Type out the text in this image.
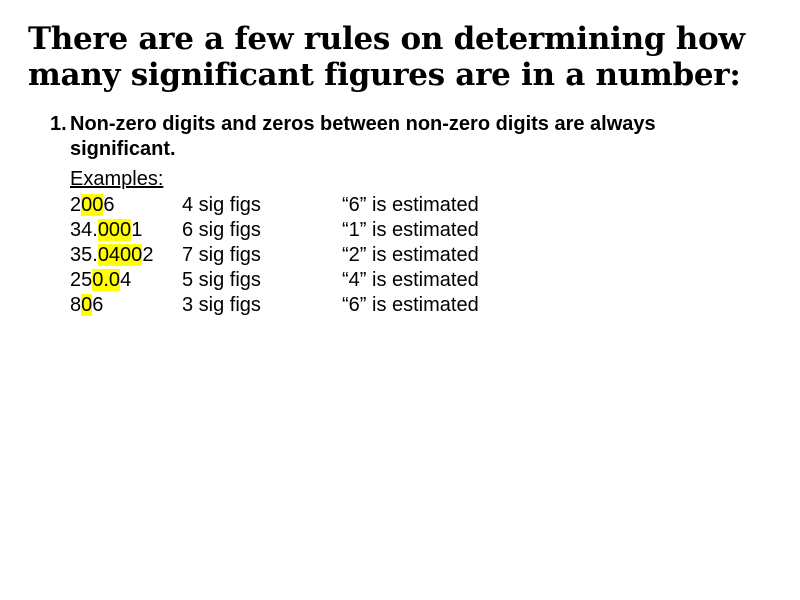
There are a few rules on determining how many significant figures are in a number:
1. Non-zero digits and zeros between non-zero digits are always significant.
Examples:
2006	4 sig figs	“6” is estimated
34.0001	6 sig figs	“1” is estimated
35.04002	7 sig figs	“2” is estimated
250.04	5 sig figs	“4” is estimated
806	3 sig figs	“6” is estimated
